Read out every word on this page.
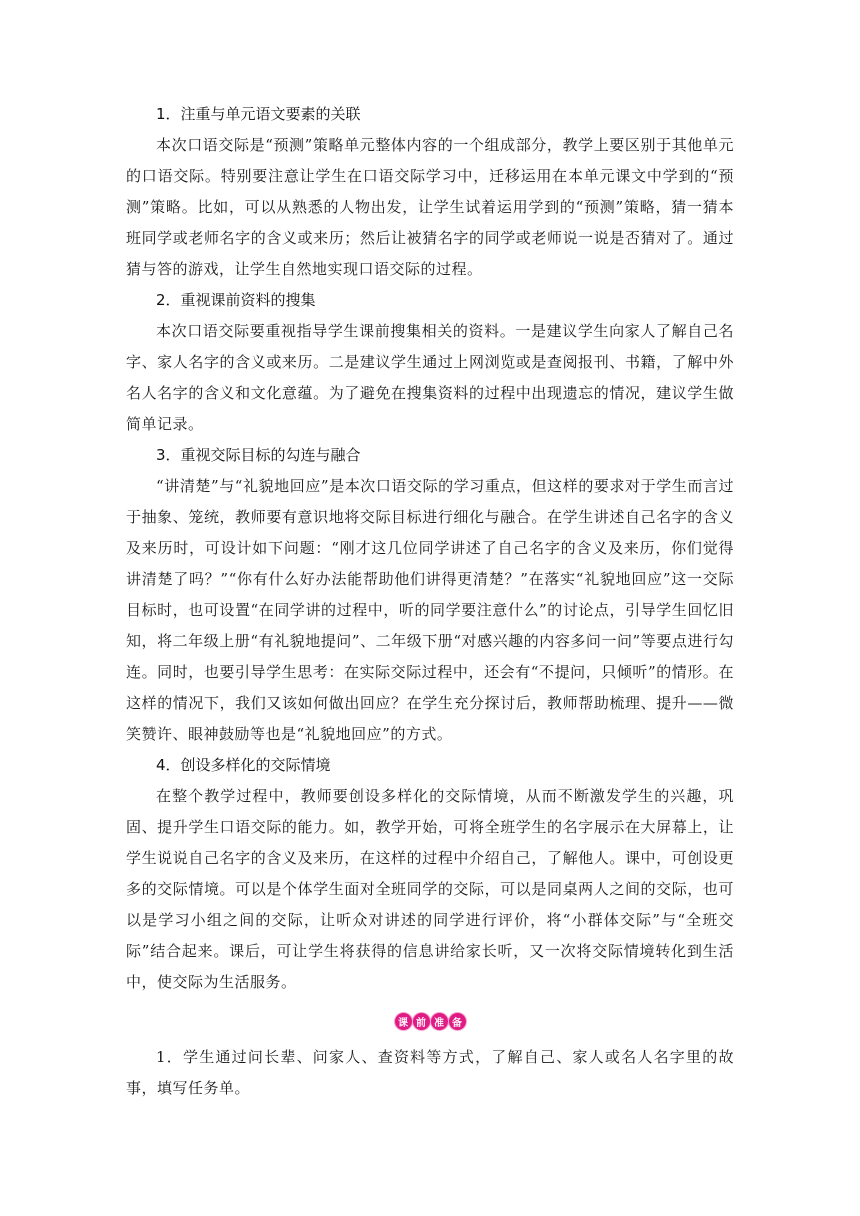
1．注重与单元语文要素的关联

本次口语交际是“预测”策略单元整体内容的一个组成部分，教学上要区别于其他单元的口语交际。特别要注意让学生在口语交际学习中，迁移运用在本单元课文中学到的“预测”策略。比如，可以从熟悉的人物出发，让学生试着运用学到的“预测”策略，猜一猜本班同学或老师名字的含义或来历；然后让被猜名字的同学或老师说一说是否猜对了。通过猜与答的游戏，让学生自然地实现口语交际的过程。

2．重视课前资料的搜集

本次口语交际要重视指导学生课前搜集相关的资料。一是建议学生向家人了解自己名字、家人名字的含义或来历。二是建议学生通过上网浏览或是查阅报刊、书籍，了解中外名人名字的含义和文化意蕴。为了避免在搜集资料的过程中出现遗忘的情况，建议学生做简单记录。

3．重视交际目标的勾连与融合

“讲清楚”与“礼貌地回应”是本次口语交际的学习重点，但这样的要求对于学生而言过于抽象、笼统，教师要有意识地将交际目标进行细化与融合。在学生讲述自己名字的含义及来历时，可设计如下问题：“刚才这几位同学讲述了自己名字的含义及来历，你们觉得讲清楚了吗？”“你有什么好办法能帮助他们讲得更清楚？”在落实“礼貌地回应”这一交际目标时，也可设置“在同学讲的过程中，听的同学要注意什么”的讨论点，引导学生回忆旧知，将二年级上册“有礼貌地提问”、二年级下册“对感兴趣的内容多问一问”等要点进行勾连。同时，也要引导学生思考：在实际交际过程中，还会有“不提问，只倾听”的情形。在这样的情况下，我们又该如何做出回应？在学生充分探讨后，教师帮助梳理、提升——微笑赞许、眼神鼓励等也是“礼貌地回应”的方式。

4．创设多样化的交际情境

在整个教学过程中，教师要创设多样化的交际情境，从而不断激发学生的兴趣，巩固、提升学生口语交际的能力。如，教学开始，可将全班学生的名字展示在大屏幕上，让学生说说自己名字的含义及来历，在这样的过程中介绍自己，了解他人。课中，可创设更多的交际情境。可以是个体学生面对全班同学的交际，可以是同桌两人之间的交际，也可以是学习小组之间的交际，让听众对讲述的同学进行评价，将“小群体交际”与“全班交际”结合起来。课后，可让学生将获得的信息讲给家长听，又一次将交际情境转化到生活中，使交际为生活服务。

课 前 准 备

1．学生通过问长辈、问家人、查资料等方式，了解自己、家人或名人名字里的故事，填写任务单。
